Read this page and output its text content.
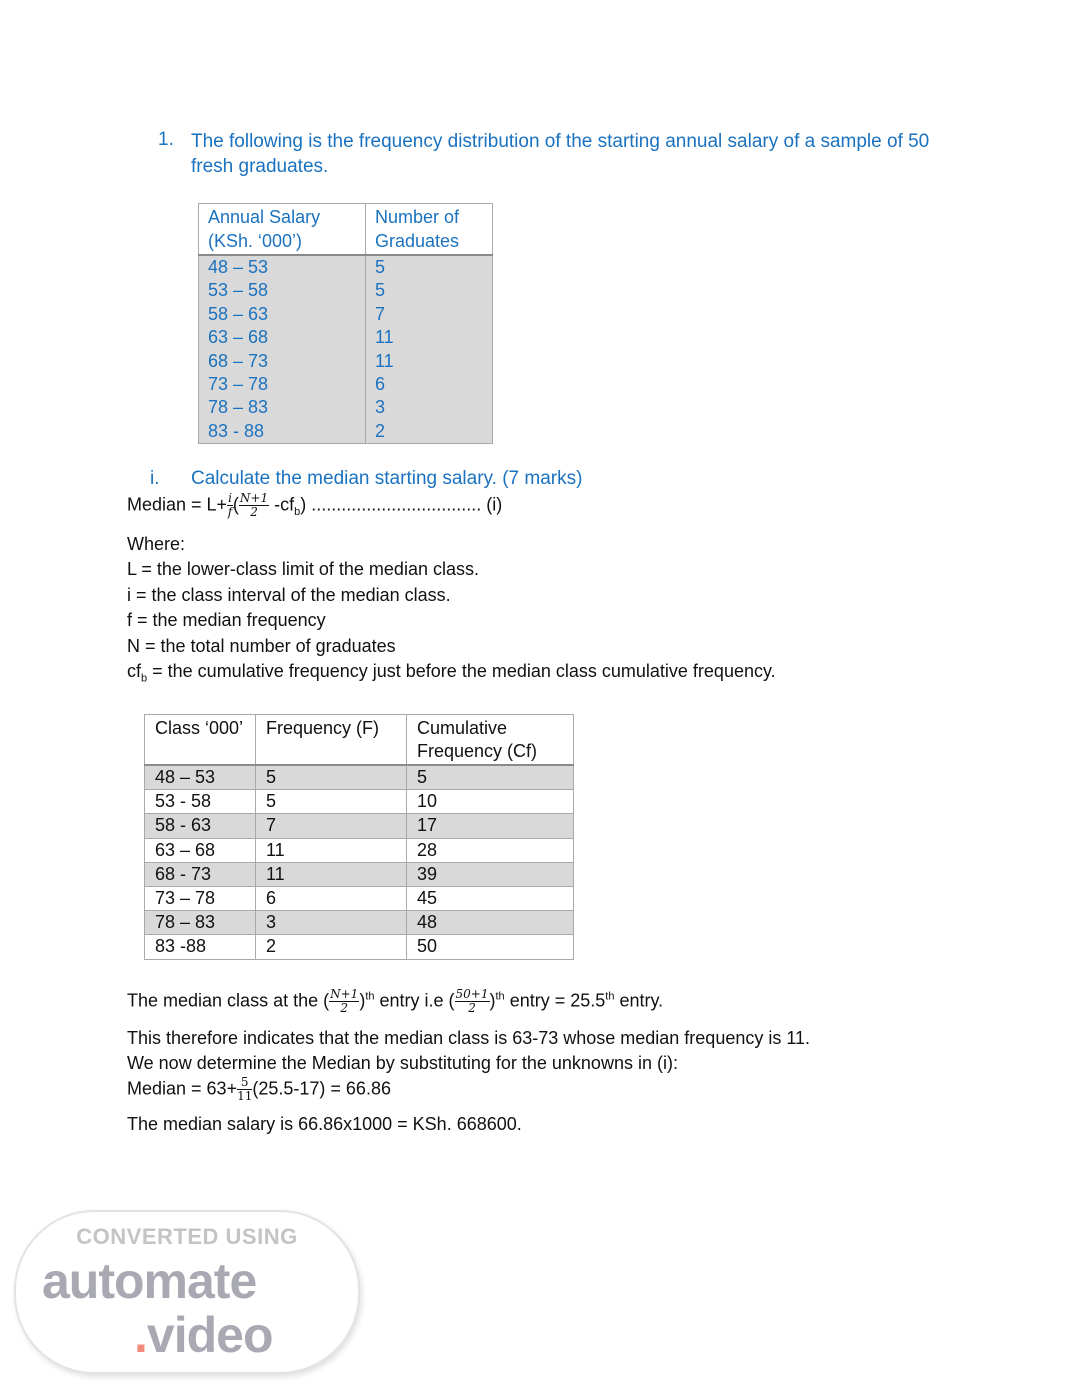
1. The following is the frequency distribution of the starting annual salary of a sample of 50 fresh graduates.
Annual Salary (KSh. ‘000’)	Number of Graduates
48 – 53	5
53 – 58	5
58 – 63	7
63 – 68	11
68 – 73	11
73 – 78	6
78 – 83	3
83 - 88	2
i. Calculate the median starting salary. (7 marks)
Median = $L+ \frac{i}{f}$ ( $\frac{N+1}{2} -cf_b$) .................................. (i)
Where:
L = the lower-class limit of the median class.
i = the class interval of the median class.
f = the median frequency
N = the total number of graduates
$cf_b$ = the cumulative frequency just before the median class cumulative frequency.
Class ‘000’	Frequency (F)	Cumulative Frequency (Cf)
48 – 53	5	5
53 - 58	5	10
58 - 63	7	17
63 – 68	11	28
68 - 73	11	39
73 – 78	6	45
78 – 83	3	48
83 -88	2	50
The median class at the ( $\frac{N+1}{2} )^{th}$ entry i.e ( $\frac{50+1}{2} )^{th}$ entry = 25.5th entry.
This therefore indicates that the median class is 63-73 whose median frequency is 11.
We now determine the Median by substituting for the unknowns in (i):
Median = $63+ \frac{5}{11} (25.5-17) = 66.86$
The median salary is 66.86x1000 = KSh. 668600.
CONVERTED USING
automate
.video
